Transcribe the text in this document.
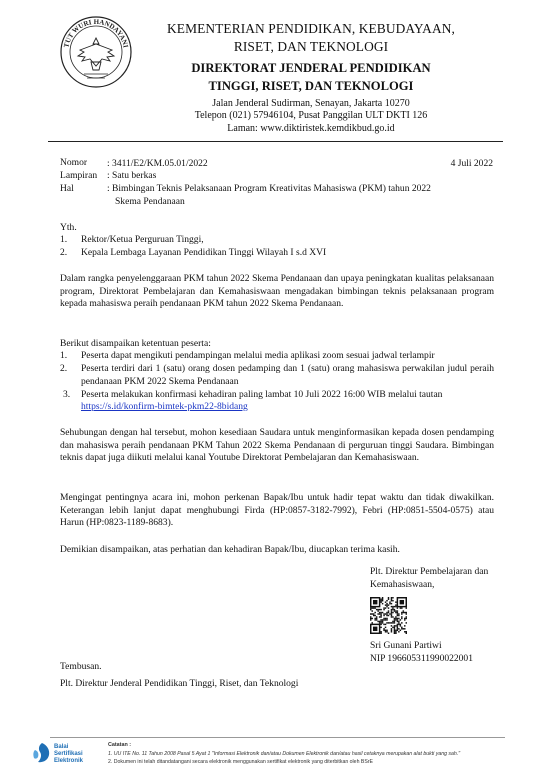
TUT WURI HANDAYANI
KEMENTERIAN PENDIDIKAN, KEBUDAYAAN,
RISET, DAN TEKNOLOGI
DIREKTORAT JENDERAL PENDIDIKAN
TINGGI, RISET, DAN TEKNOLOGI
Jalan Jenderal Sudirman, Senayan, Jakarta 10270
Telepon (021) 57946104, Pusat Panggilan ULT DKTI 126
Laman: www.diktiristek.kemdikbud.go.id
Nomor : 3411/E2/KM.05.01/2022	4 Juli 2022
Lampiran : Satu berkas
Hal	: Bimbingan Teknis Pelaksanaan Program Kreativitas Mahasiswa (PKM) tahun 2022
Skema Pendanaan
Yth.
1. Rektor/Ketua Perguruan Tinggi,
2. Kepala Lembaga Layanan Pendidikan Tinggi Wilayah I s.d XVI
Dalam rangka penyelenggaraan PKM tahun 2022 Skema Pendanaan dan upaya peningkatan kualitas pelaksanaan program, Direktorat Pembelajaran dan Kemahasiswaan mengadakan bimbingan teknis pelaksanaan program kepada mahasiswa peraih pendanaan PKM tahun 2022 Skema Pendanaan.
Berikut disampaikan ketentuan peserta:
1. Peserta dapat mengikuti pendampingan melalui media aplikasi zoom sesuai jadwal terlampir
2. Peserta terdiri dari 1 (satu) orang dosen pedamping dan 1 (satu) orang mahasiswa perwakilan judul peraih pendanaan PKM 2022 Skema Pendanaan
3. Peserta melakukan konfirmasi kehadiran paling lambat 10 Juli 2022 16:00 WIB melalui tautan
https://s.id/konfirm-bimtek-pkm22-8bidang
Sehubungan dengan hal tersebut, mohon kesediaan Saudara untuk menginformasikan kepada dosen pendamping dan mahasiswa peraih pendanaan PKM Tahun 2022 Skema Pendanaan di perguruan tinggi Saudara. Bimbingan teknis dapat juga diikuti melalui kanal Youtube Direktorat Pembelajaran dan Kemahasiswaan.
Mengingat pentingnya acara ini, mohon perkenan Bapak/Ibu untuk hadir tepat waktu dan tidak diwakilkan. Keterangan lebih lanjut dapat menghubungi Firda (HP:0857-3182-7992), Febri (HP:0851-5504-0575) atau Harun (HP:0823-1189-8683).
Demikian disampaikan, atas perhatian dan kehadiran Bapak/Ibu, diucapkan terima kasih.
Plt. Direktur Pembelajaran dan
Kemahasiswaan,
Sri Gunani Partiwi
NIP 196605311990022001
Tembusan.
Plt. Direktur Jenderal Pendidikan Tinggi, Riset, dan Teknologi
Balai
Sertifikasi
Elektronik
Catatan :
1. UU ITE No. 11 Tahun 2008 Pasal 5 Ayat 1 "Informasi Elektronik dan/atau Dokumen Elektronik dan/atau hasil cetaknya merupakan alat bukti yang sah."
2. Dokumen ini telah ditandatangani secara elektronik menggunakan sertifikat elektronik yang diterbitkan oleh BSrE
